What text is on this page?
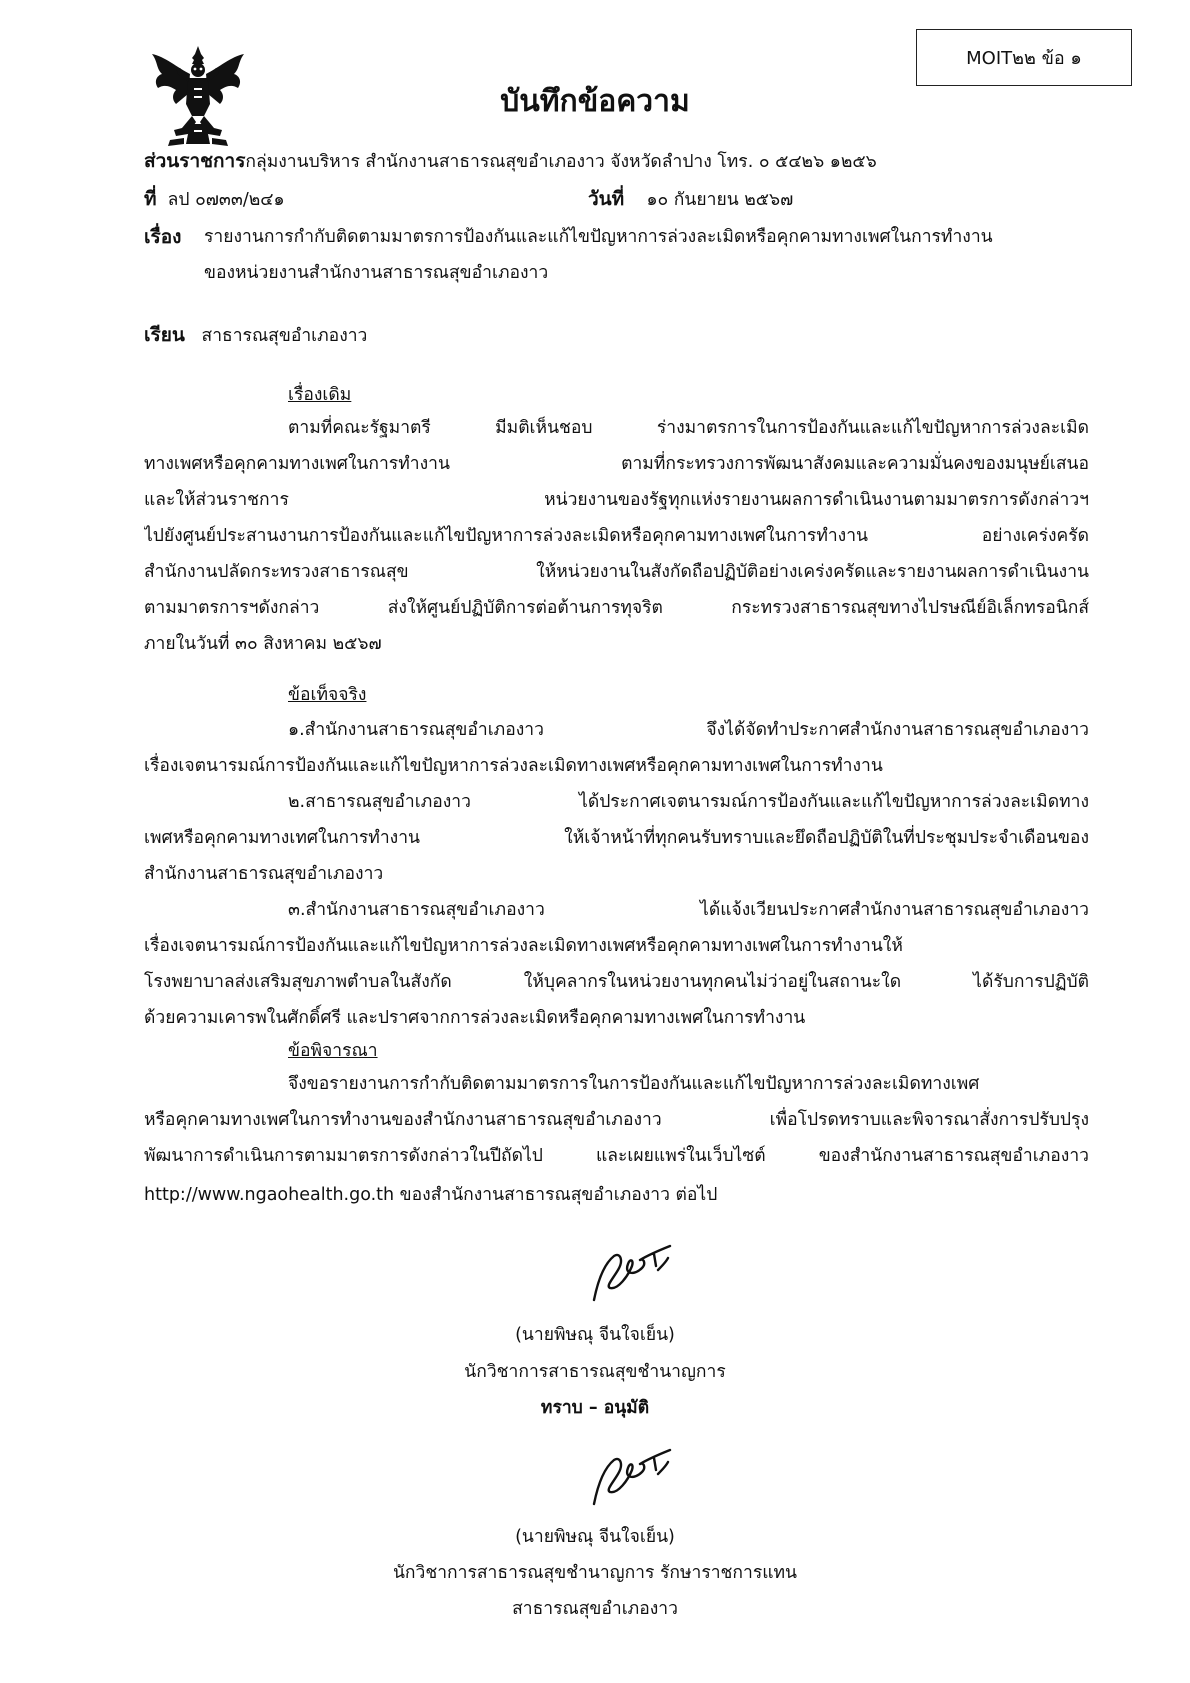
MOIT๒๒ ข้อ ๑
บันทึกข้อความ
ส่วนราชการกลุ่มงานบริหาร สำนักงานสาธารณสุขอำเภองาว จังหวัดลำปาง โทร. ๐ ๕๔๒๖ ๑๒๕๖
ที่ ลป ๐๗๓๓/๒๔๑	วันที่ ๑๐ กันยายน ๒๕๖๗
เรื่อง รายงานการกำกับติดตามมาตรการป้องกันและแก้ไขปัญหาการล่วงละเมิดหรือคุกคามทางเพศในการทำงาน
ของหน่วยงานสำนักงานสาธารณสุขอำเภองาว
เรียน สาธารณสุขอำเภองาว
เรื่องเดิม
ตามที่คณะรัฐมาตรี มีมติเห็นชอบ ร่างมาตรการในการป้องกันและแก้ไขปัญหาการล่วงละเมิด
ทางเพศหรือคุกคามทางเพศในการทำงาน ตามที่กระทรวงการพัฒนาสังคมและความมั่นคงของมนุษย์เสนอ
และให้ส่วนราชการ หน่วยงานของรัฐทุกแห่งรายงานผลการดำเนินงานตามมาตรการดังกล่าวฯ
ไปยังศูนย์ประสานงานการป้องกันและแก้ไขปัญหาการล่วงละเมิดหรือคุกคามทางเพศในการทำงาน อย่างเคร่งครัด
สำนักงานปลัดกระทรวงสาธารณสุข ให้หน่วยงานในสังกัดถือปฏิบัติอย่างเคร่งครัดและรายงานผลการดำเนินงาน
ตามมาตรการฯดังกล่าว ส่งให้ศูนย์ปฏิบัติการต่อต้านการทุจริต กระทรวงสาธารณสุขทางไปรษณีย์อิเล็กทรอนิกส์
ภายในวันที่ ๓๐ สิงหาคม ๒๕๖๗
ข้อเท็จจริง
๑.สำนักงานสาธารณสุขอำเภองาว จึงได้จัดทำประกาศสำนักงานสาธารณสุขอำเภองาว
เรื่องเจตนารมณ์การป้องกันและแก้ไขปัญหาการล่วงละเมิดทางเพศหรือคุกคามทางเพศในการทำงาน
๒.สาธารณสุขอำเภองาว ได้ประกาศเจตนารมณ์การป้องกันและแก้ไขปัญหาการล่วงละเมิดทาง
เพศหรือคุกคามทางเทศในการทำงาน ให้เจ้าหน้าที่ทุกคนรับทราบและยึดถือปฏิบัติในที่ประชุมประจำเดือนของ
สำนักงานสาธารณสุขอำเภองาว
๓.สำนักงานสาธารณสุขอำเภองาว ได้แจ้งเวียนประกาศสำนักงานสาธารณสุขอำเภองาว
เรื่องเจตนารมณ์การป้องกันและแก้ไขปัญหาการล่วงละเมิดทางเพศหรือคุกคามทางเพศในการทำงานให้
โรงพยาบาลส่งเสริมสุขภาพตำบลในสังกัด ให้บุคลากรในหน่วยงานทุกคนไม่ว่าอยู่ในสถานะใด ได้รับการปฏิบัติ
ด้วยความเคารพในศักดิ์ศรี และปราศจากการล่วงละเมิดหรือคุกคามทางเพศในการทำงาน
ข้อพิจารณา
จึงขอรายงานการกำกับติดตามมาตรการในการป้องกันและแก้ไขปัญหาการล่วงละเมิดทางเพศ
หรือคุกคามทางเพศในการทำงานของสำนักงานสาธารณสุขอำเภองาว เพื่อโปรดทราบและพิจารณาสั่งการปรับปรุง
พัฒนาการดำเนินการตามมาตรการดังกล่าวในปีถัดไป และเผยแพร่ในเว็บไซต์ ของสำนักงานสาธารณสุขอำเภองาว
http://www.ngaohealth.go.th ของสำนักงานสาธารณสุขอำเภองาว ต่อไป
(นายพิษณุ จีนใจเย็น)
นักวิชาการสาธารณสุขชำนาญการ
ทราบ – อนุมัติ
(นายพิษณุ จีนใจเย็น)
นักวิชาการสาธารณสุขชำนาญการ รักษาราชการแทน
สาธารณสุขอำเภองาว
